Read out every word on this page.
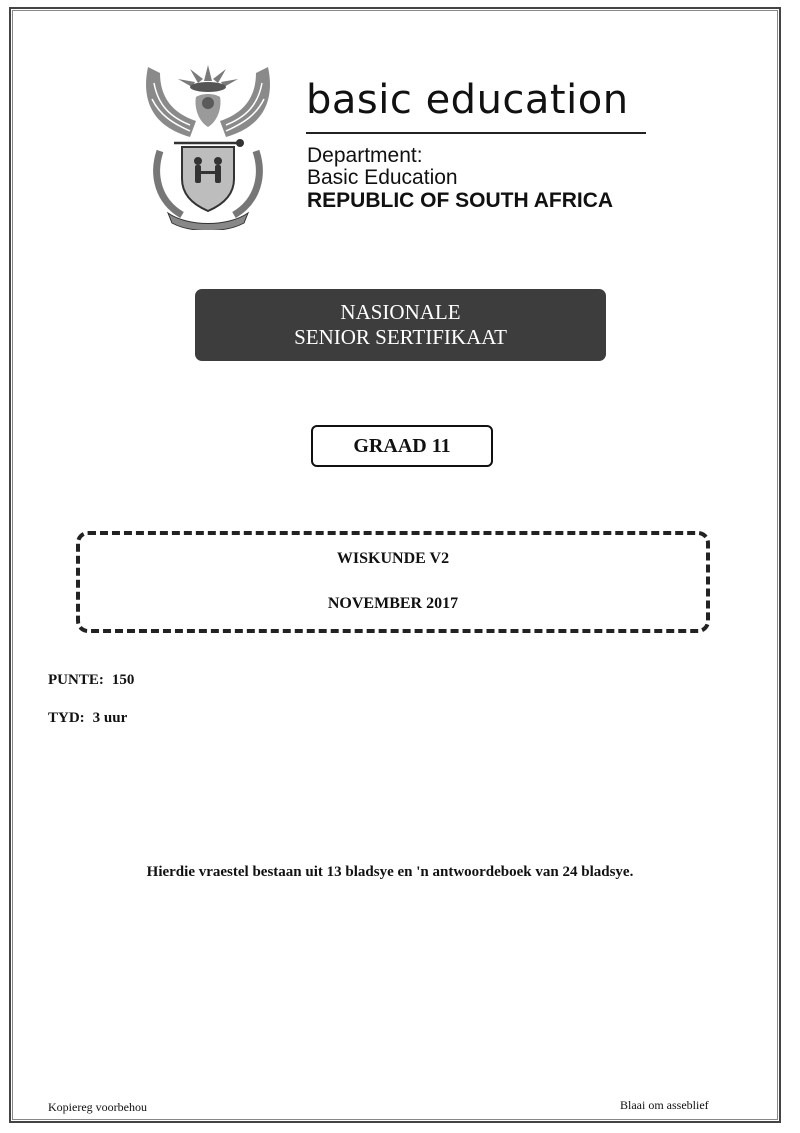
basic education
Department:
Basic Education
REPUBLIC OF SOUTH AFRICA
NASIONALE
SENIOR SERTIFIKAAT
GRAAD 11
WISKUNDE V2
NOVEMBER 2017
PUNTE: 150
TYD: 3 uur
Hierdie vraestel bestaan uit 13 bladsye en 'n antwoordeboek van 24 bladsye.
Kopiereg voorbehou	Blaai om asseblief
